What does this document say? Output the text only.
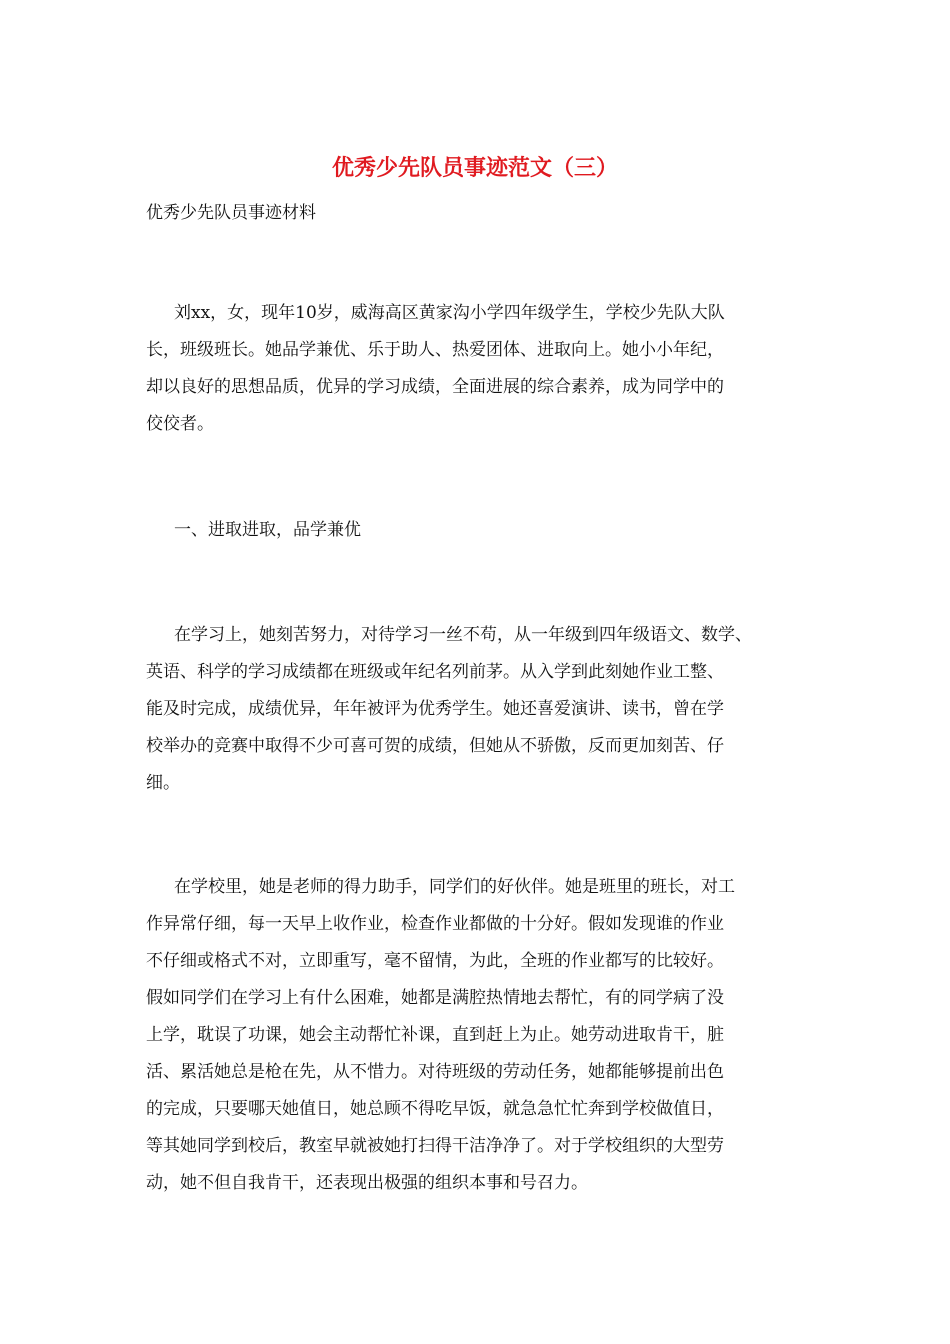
优秀少先队员事迹范文（三）

优秀少先队员事迹材料

刘xx，女，现年10岁，威海高区黄家沟小学四年级学生，学校少先队大队
长，班级班长。她品学兼优、乐于助人、热爱团体、进取向上。她小小年纪，
却以良好的思想品质，优异的学习成绩，全面进展的综合素养，成为同学中的
佼佼者。
一、进取进取，品学兼优
在学习上，她刻苦努力，对待学习一丝不苟，从一年级到四年级语文、数学、
英语、科学的学习成绩都在班级或年纪名列前茅。从入学到此刻她作业工整、
能及时完成，成绩优异，年年被评为优秀学生。她还喜爱演讲、读书，曾在学
校举办的竞赛中取得不少可喜可贺的成绩，但她从不骄傲，反而更加刻苦、仔
细。
在学校里，她是老师的得力助手，同学们的好伙伴。她是班里的班长，对工
作异常仔细，每一天早上收作业，检查作业都做的十分好。假如发现谁的作业
不仔细或格式不对，立即重写，毫不留情，为此，全班的作业都写的比较好。
假如同学们在学习上有什么困难，她都是满腔热情地去帮忙，有的同学病了没
上学，耽误了功课，她会主动帮忙补课，直到赶上为止。她劳动进取肯干，脏
活、累活她总是枪在先，从不惜力。对待班级的劳动任务，她都能够提前出色
的完成，只要哪天她值日，她总顾不得吃早饭，就急急忙忙奔到学校做值日，
等其她同学到校后，教室早就被她打扫得干洁净净了。对于学校组织的大型劳
动，她不但自我肯干，还表现出极强的组织本事和号召力。
